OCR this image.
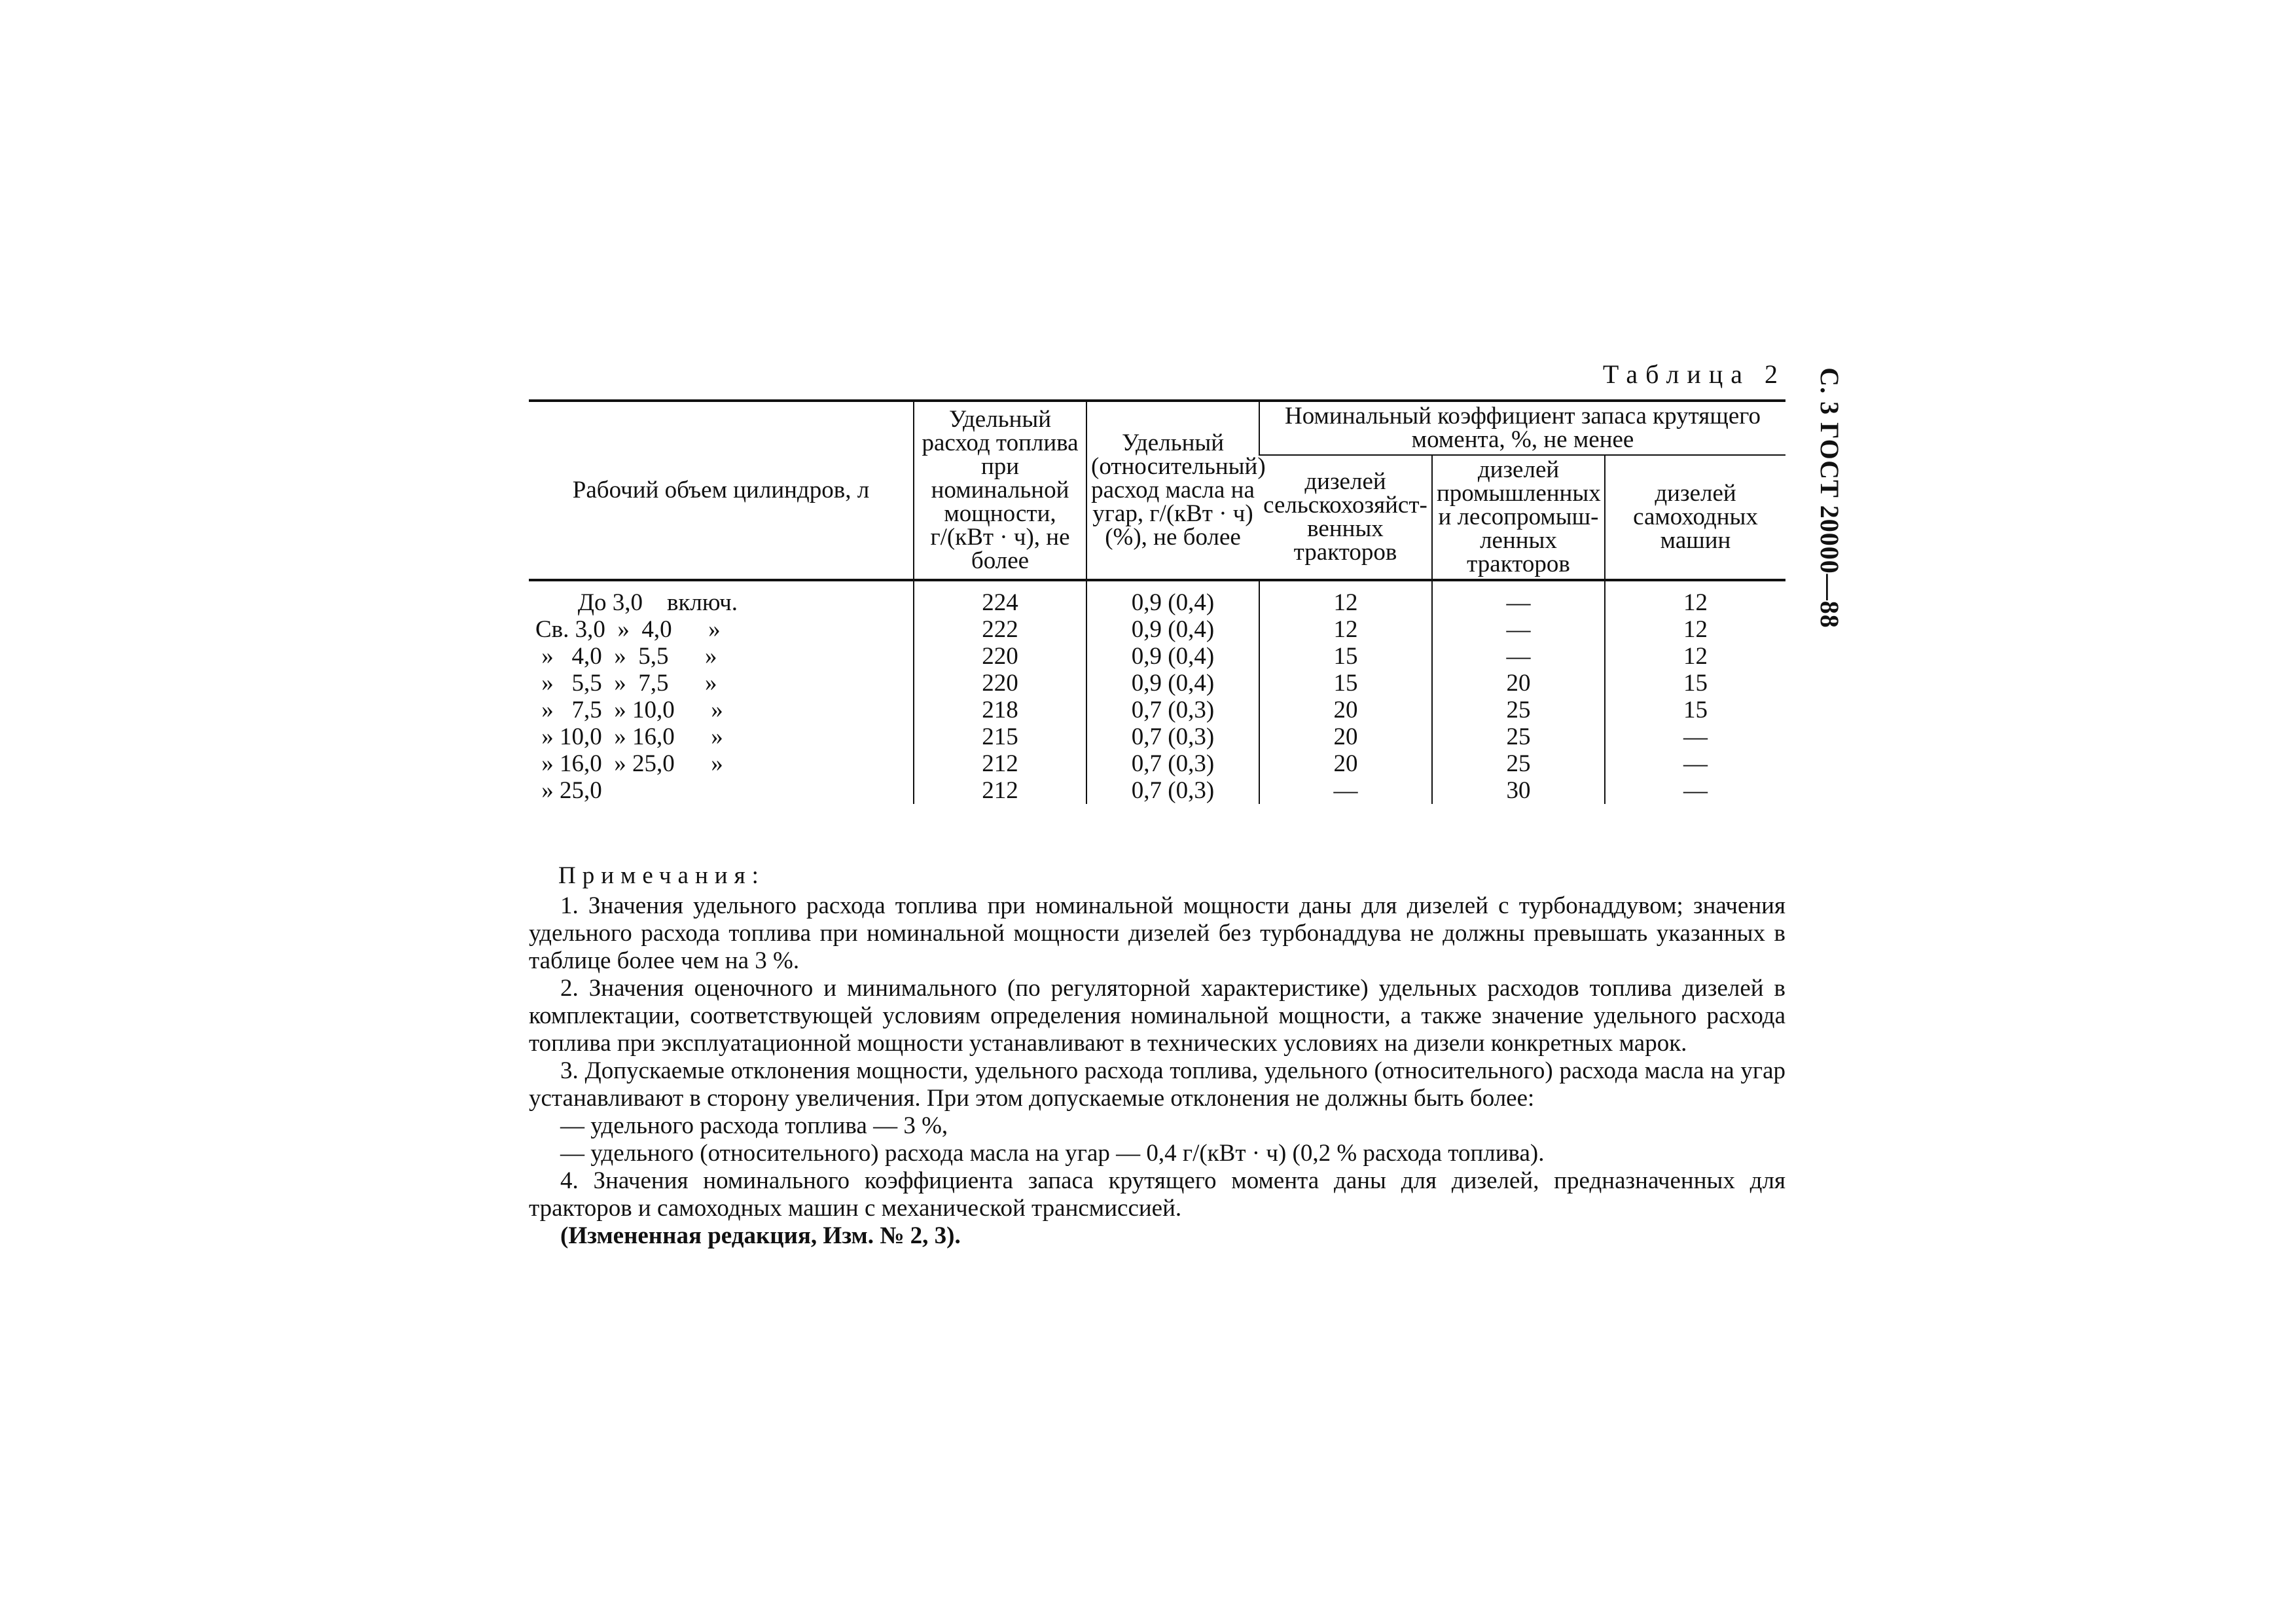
С. 3 ГОСТ 20000—88
Таблица 2
Рабочий объем цилиндров, л	Удельный расход топлива при номинальной мощности, г/(кВт · ч), не более	Удельный (относительный) расход масла на угар, г/(кВт · ч) (%), не более	Номинальный коэффициент запаса крутящего момента, %, не менее		
			дизелей сельскохозяйст-венных тракторов	дизелей промышленных и лесопромыш-ленных тракторов	дизелей самоходных машин
До 3,0    включ.	224	0,9 (0,4)	12	—	12
Св. 3,0  »  4,0      »	222	0,9 (0,4)	12	—	12
»   4,0  »  5,5      »	220	0,9 (0,4)	15	—	12
»   5,5  »  7,5      »	220	0,9 (0,4)	15	20	15
»   7,5  » 10,0      »	218	0,7 (0,3)	20	25	15
» 10,0  » 16,0      »	215	0,7 (0,3)	20	25	—
» 16,0  » 25,0      »	212	0,7 (0,3)	20	25	—
» 25,0	212	0,7 (0,3)	—	30	—

Примечания:

1. Значения удельного расхода топлива при номинальной мощности даны для дизелей с турбонаддувом; значения удельного расхода топлива при номинальной мощности дизелей без турбонаддува не должны превышать указанных в таблице более чем на 3 %.

2. Значения оценочного и минимального (по регуляторной характеристике) удельных расходов топлива дизелей в комплектации, соответствующей условиям определения номинальной мощности, а также значение удельного расхода топлива при эксплуатационной мощности устанавливают в технических условиях на дизели конкретных марок.

3. Допускаемые отклонения мощности, удельного расхода топлива, удельного (относительного) расхода масла на угар устанавливают в сторону увеличения. При этом допускаемые отклонения не должны быть более:

— удельного расхода топлива — 3 %,

— удельного (относительного) расхода масла на угар — 0,4 г/(кВт · ч) (0,2 % расхода топлива).

4. Значения номинального коэффициента запаса крутящего момента даны для дизелей, предназначенных для тракторов и самоходных машин с механической трансмиссией.

(Измененная редакция, Изм. № 2, 3).
